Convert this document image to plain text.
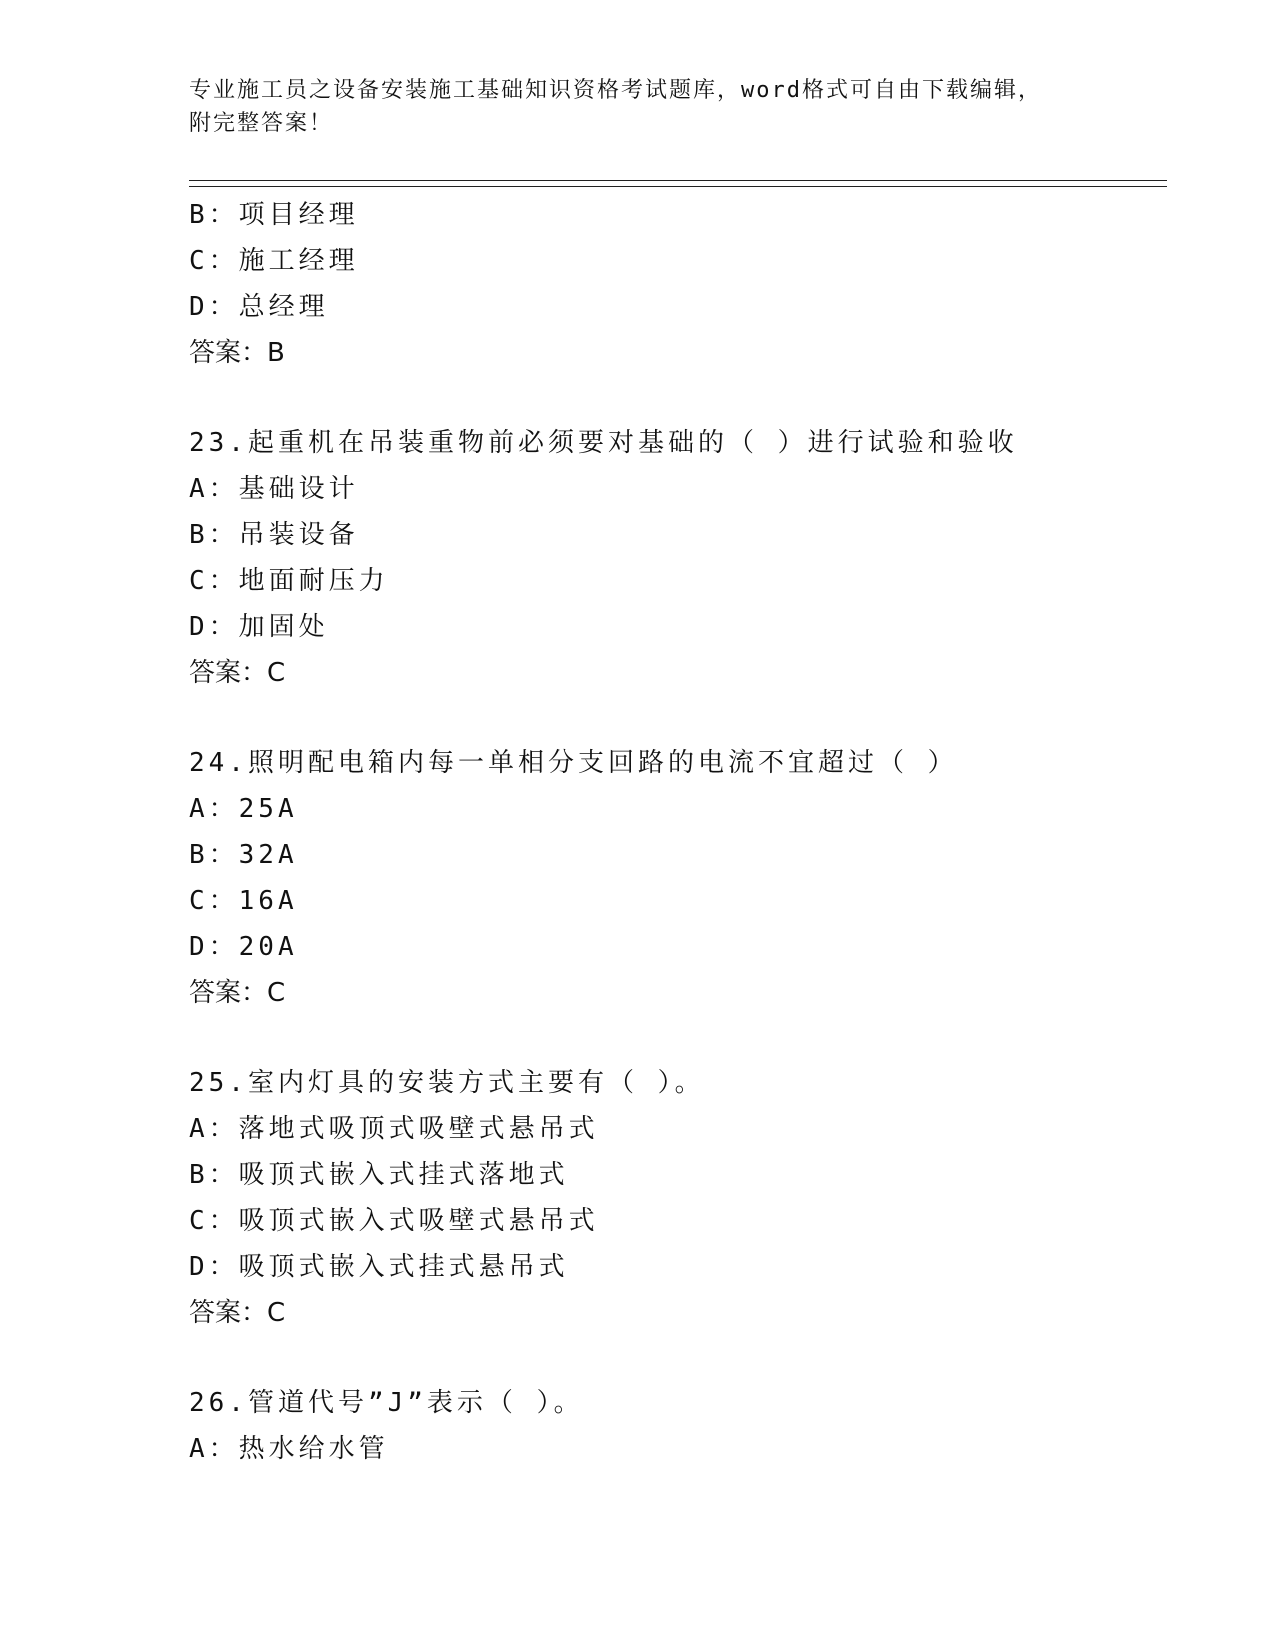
专业施工员之设备安装施工基础知识资格考试题库，word格式可自由下载编辑，
附完整答案！
B：项目经理
C：施工经理
D：总经理
答案：B
23.起重机在吊装重物前必须要对基础的（ ）进行试验和验收
A：基础设计
B：吊装设备
C：地面耐压力
D：加固处
答案：C
24.照明配电箱内每一单相分支回路的电流不宜超过（ ）
A：25A
B：32A
C：16A
D：20A
答案：C
25.室内灯具的安装方式主要有（ ）。
A：落地式吸顶式吸壁式悬吊式
B：吸顶式嵌入式挂式落地式
C：吸顶式嵌入式吸壁式悬吊式
D：吸顶式嵌入式挂式悬吊式
答案：C
26.管道代号”J”表示（ ）。
A：热水给水管
